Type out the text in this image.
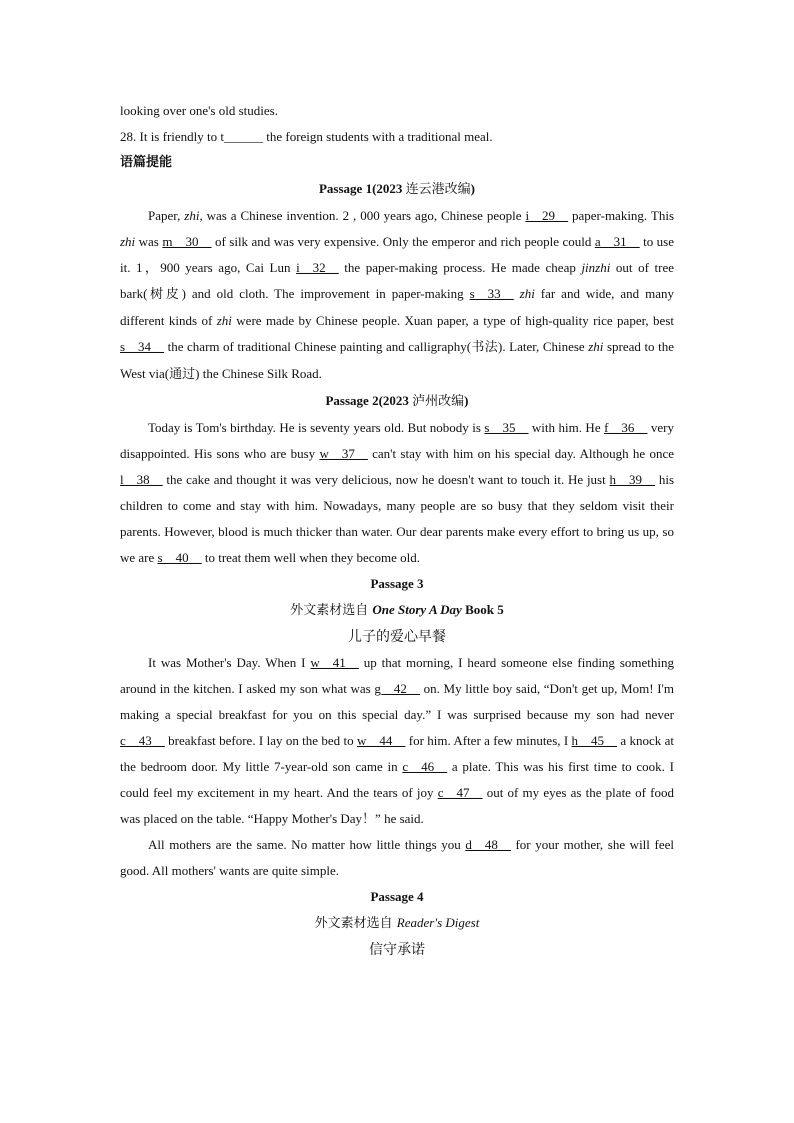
looking over one's old studies.

28. It is friendly to t______ the foreign students with a traditional meal.

语篇提能

Passage 1(2023 连云港改编)

Paper, zhi, was a Chinese invention. 2 , 000 years ago, Chinese people i__29__ paper-making. This zhi was m__30__ of silk and was very expensive. Only the emperor and rich people could a__31__ to use it. 1，900 years ago, Cai Lun i__32__ the paper-making process. He made cheap jinzhi out of tree bark(树皮) and old cloth. The improvement in paper-making s__33__ zhi far and wide, and many different kinds of zhi were made by Chinese people. Xuan paper, a type of high-quality rice paper, best s__34__ the charm of traditional Chinese painting and calligraphy(书法). Later, Chinese zhi spread to the West via(通过) the Chinese Silk Road.

Passage 2(2023 泸州改编)

Today is Tom's birthday. He is seventy years old. But nobody is s__35__ with him. He f__36__ very disappointed. His sons who are busy w__37__ can't stay with him on his special day. Although he once l__38__ the cake and thought it was very delicious, now he doesn't want to touch it. He just h__39__ his children to come and stay with him. Nowadays, many people are so busy that they seldom visit their parents. However, blood is much thicker than water. Our dear parents make every effort to bring us up, so we are s__40__ to treat them well when they become old.

Passage 3

外文素材选自 One Story A Day Book 5

儿子的爱心早餐

It was Mother's Day. When I w__41__ up that morning, I heard someone else finding something around in the kitchen. I asked my son what was g__42__ on. My little boy said, “Don't get up, Mom! I'm making a special breakfast for you on this special day.” I was surprised because my son had never c__43__ breakfast before. I lay on the bed to w__44__ for him. After a few minutes, I h__45__ a knock at the bedroom door. My little 7-year-old son came in c__46__ a plate. This was his first time to cook. I could feel my excitement in my heart. And the tears of joy c__47__ out of my eyes as the plate of food was placed on the table. “Happy Mother's Day！” he said.

All mothers are the same. No matter how little things you d__48__ for your mother, she will feel good. All mothers' wants are quite simple.

Passage 4

外文素材选自 Reader's Digest

信守承诺
